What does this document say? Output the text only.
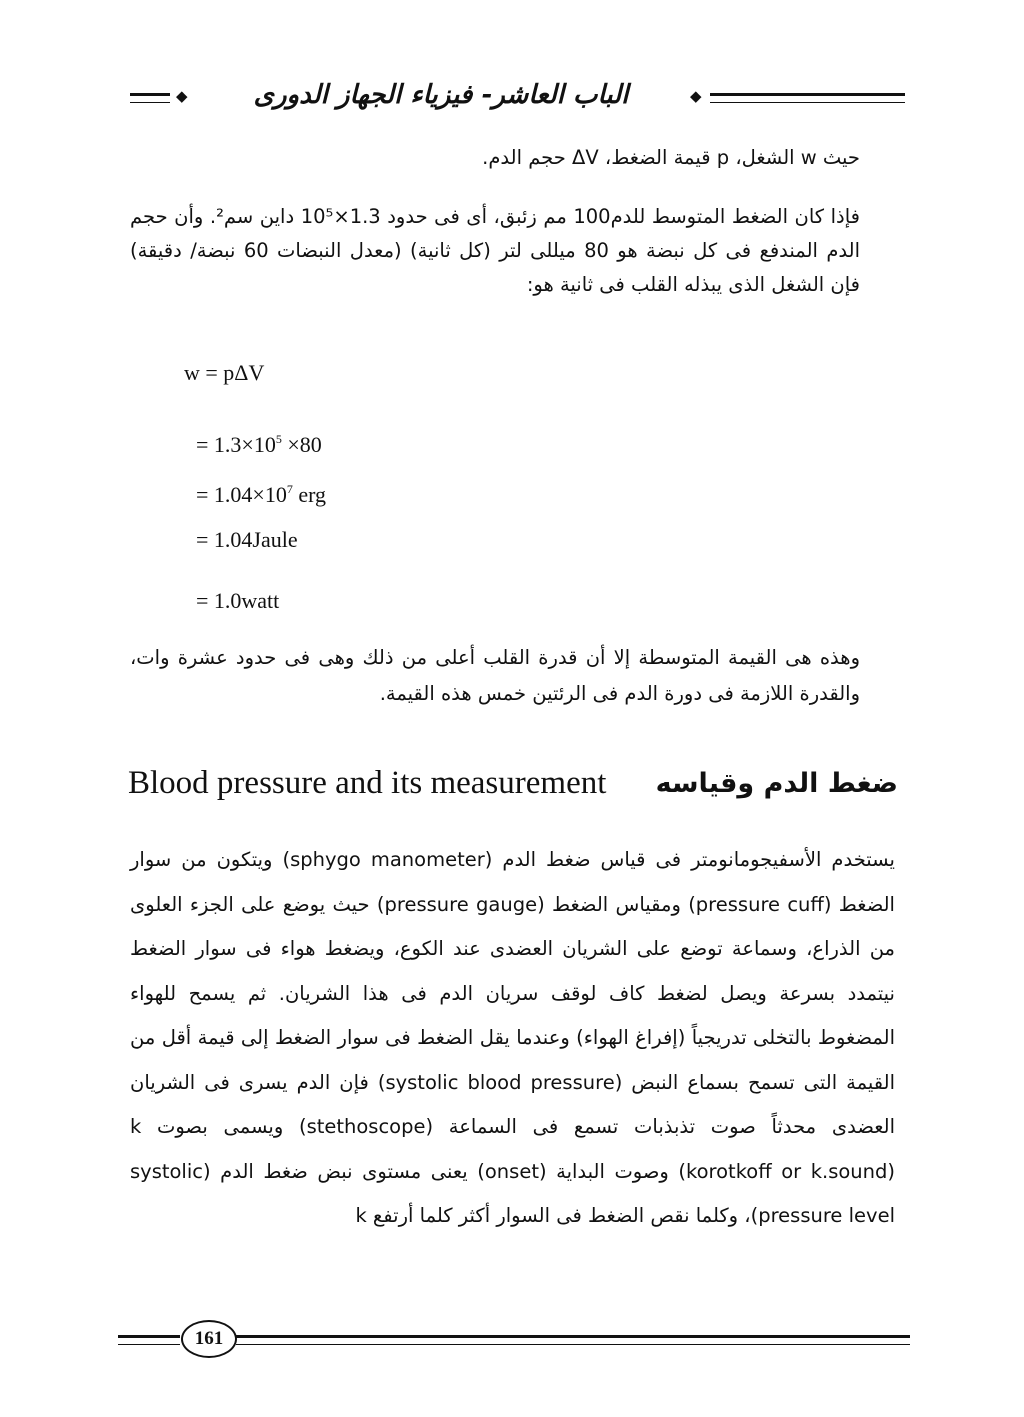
◆	الباب العاشر- فيزياء الجهاز الدورى	◆
حيث w الشغل، p قيمة الضغط، ΔV حجم الدم.
فإذا كان الضغط المتوسط للدم100 مم زئبق، أى فى حدود 1.3×10⁵ داين سم². وأن حجم الدم المندفع فى كل نبضة هو 80 ميللى لتر (كل ثانية) (معدل النبضات 60 نبضة/ دقيقة) فإن الشغل الذى يبذله القلب فى ثانية هو:
w = pΔV
= $1.3\times 10^5 \times 80$
= $1.04\times 10^7$ erg
= 1.04Jaule
= 1.0watt
وهذه هى القيمة المتوسطة إلا أن قدرة القلب أعلى من ذلك وهى فى حدود عشرة وات، والقدرة اللازمة فى دورة الدم فى الرئتين خمس هذه القيمة.
Blood pressure and its measurement ضغط الدم وقياسه
يستخدم الأسفيجومانومتر فى قياس ضغط الدم (sphygo manometer) ويتكون من سوار الضغط (pressure cuff) ومقياس الضغط (pressure gauge) حيث يوضع على الجزء العلوى من الذراع، وسماعة توضع على الشريان العضدى عند الكوع، ويضغط هواء فى سوار الضغط نيتمدد بسرعة ويصل لضغط كاف لوقف سريان الدم فى هذا الشريان. ثم يسمح للهواء المضغوط بالتخلى تدريجياً (إفراغ الهواء) وعندما يقل الضغط فى سوار الضغط إلى قيمة أقل من القيمة التى تسمح بسماع النبض (systolic blood pressure) فإن الدم يسرى فى الشريان العضدى محدثاً صوت تذبذبات تسمع فى السماعة (stethoscope) ويسمى بصوت k (korotkoff or k.sound) وصوت البداية (onset) يعنى مستوى نبض ضغط الدم (systolic pressure level)، وكلما نقص الضغط فى السوار أكثر كلما أرتفع k
161
